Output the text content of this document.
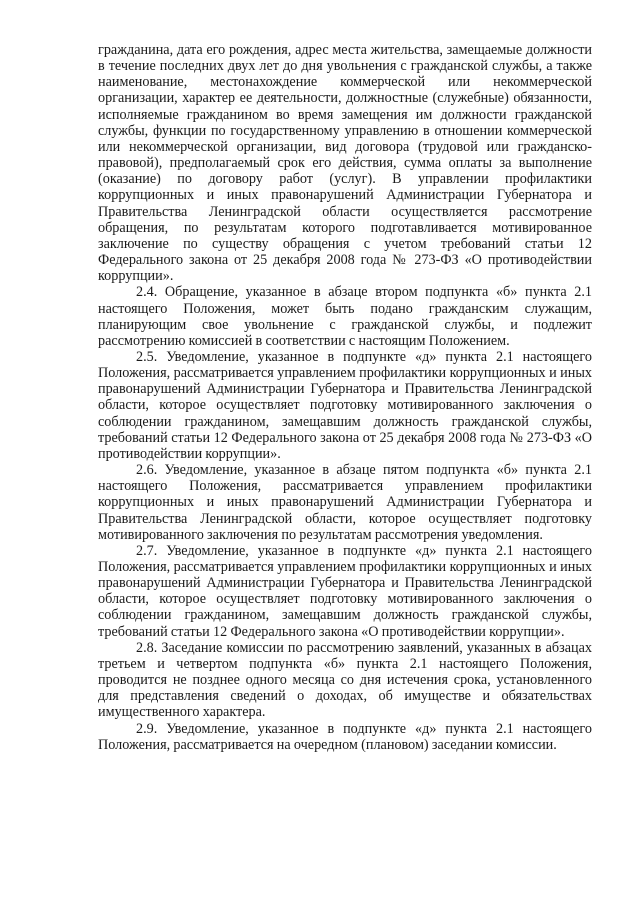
гражданина, дата его рождения, адрес места жительства, замещаемые должности в течение последних двух лет до дня увольнения с гражданской службы, а также наименование, местонахождение коммерческой или некоммерческой организации, характер ее деятельности, должностные (служебные) обязанности, исполняемые гражданином во время замещения им должности гражданской службы, функции по государственному управлению в отношении коммерческой или некоммерческой организации, вид договора (трудовой или гражданско-правовой), предполагаемый срок его действия, сумма оплаты за выполнение (оказание) по договору работ (услуг). В управлении профилактики коррупционных и иных правонарушений Администрации Губернатора и Правительства Ленинградской области осуществляется рассмотрение обращения, по результатам которого подготавливается мотивированное заключение по существу обращения с учетом требований статьи 12 Федерального закона от 25 декабря 2008 года № 273-ФЗ «О противодействии коррупции».

2.4. Обращение, указанное в абзаце втором подпункта «б» пункта 2.1 настоящего Положения, может быть подано гражданским служащим, планирующим свое увольнение с гражданской службы, и подлежит рассмотрению комиссией в соответствии с настоящим Положением.

2.5. Уведомление, указанное в подпункте «д» пункта 2.1 настоящего Положения, рассматривается управлением профилактики коррупционных и иных правонарушений Администрации Губернатора и Правительства Ленинградской области, которое осуществляет подготовку мотивированного заключения о соблюдении гражданином, замещавшим должность гражданской службы, требований статьи 12 Федерального закона от 25 декабря 2008 года № 273-ФЗ «О противодействии коррупции».

2.6. Уведомление, указанное в абзаце пятом подпункта «б» пункта 2.1 настоящего Положения, рассматривается управлением профилактики коррупционных и иных правонарушений Администрации Губернатора и Правительства Ленинградской области, которое осуществляет подготовку мотивированного заключения по результатам рассмотрения уведомления.

2.7. Уведомление, указанное в подпункте «д» пункта 2.1 настоящего Положения, рассматривается управлением профилактики коррупционных и иных правонарушений Администрации Губернатора и Правительства Ленинградской области, которое осуществляет подготовку мотивированного заключения о соблюдении гражданином, замещавшим должность гражданской службы, требований статьи 12 Федерального закона «О противодействии коррупции».

2.8. Заседание комиссии по рассмотрению заявлений, указанных в абзацах третьем и четвертом подпункта «б» пункта 2.1 настоящего Положения, проводится не позднее одного месяца со дня истечения срока, установленного для представления сведений о доходах, об имуществе и обязательствах имущественного характера.

2.9. Уведомление, указанное в подпункте «д» пункта 2.1 настоящего Положения, рассматривается на очередном (плановом) заседании комиссии.
